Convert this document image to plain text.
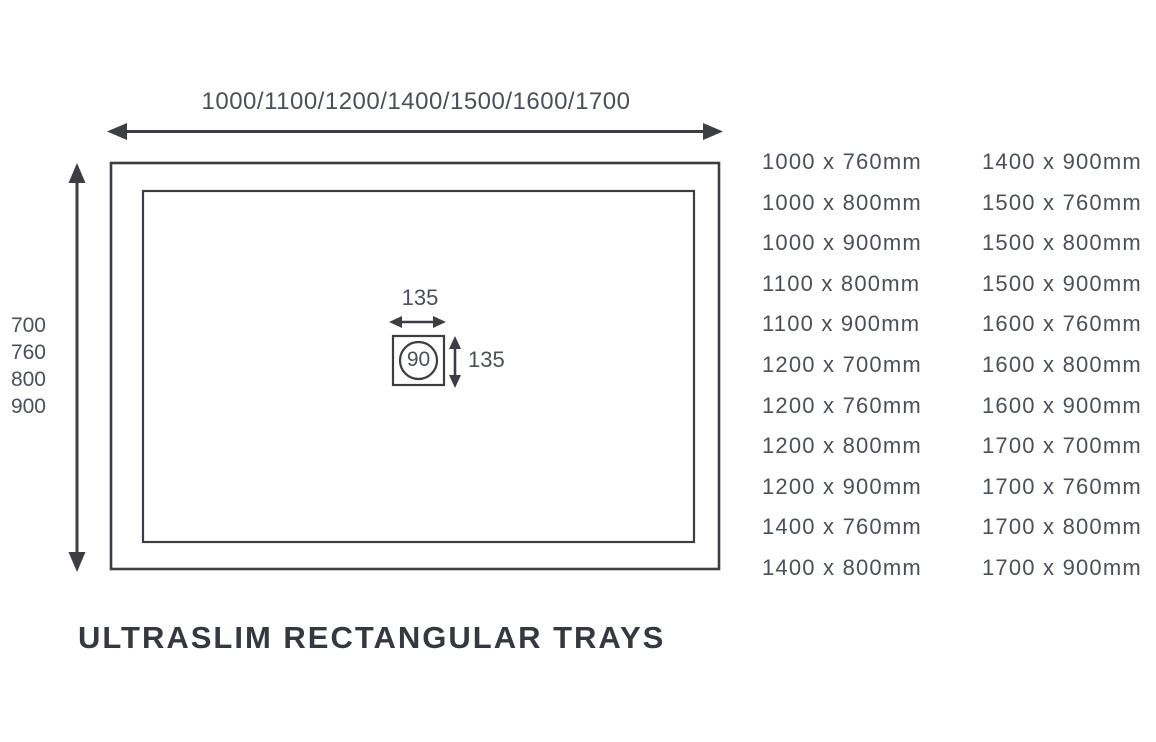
1000/1100/1200/1400/1500/1600/1700
700
760
800
900
135
135
90
1000 x 760mm
1000 x 800mm
1000 x 900mm
1100 x 800mm
1100 x 900mm
1200 x 700mm
1200 x 760mm
1200 x 800mm
1200 x 900mm
1400 x 760mm
1400 x 800mm
1400 x 900mm
1500 x 760mm
1500 x 800mm
1500 x 900mm
1600 x 760mm
1600 x 800mm
1600 x 900mm
1700 x 700mm
1700 x 760mm
1700 x 800mm
1700 x 900mm
ULTRASLIM RECTANGULAR TRAYS
